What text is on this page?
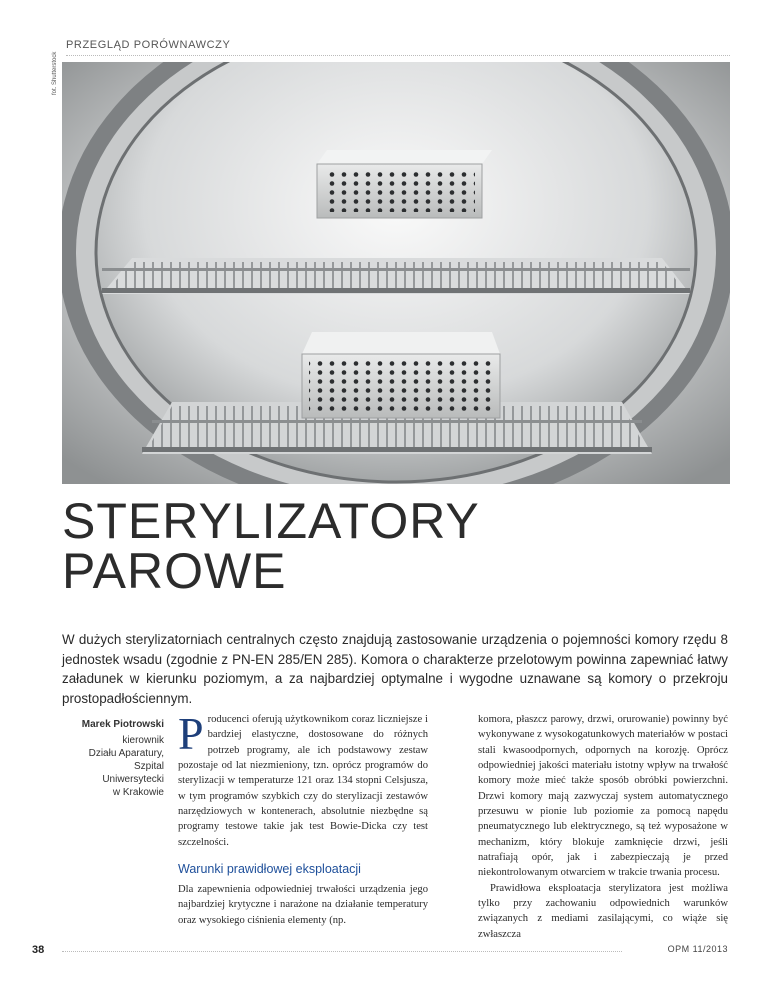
PRZEGLĄD PORÓWNAWCZY
fot. Shutterstock
STERYLIZATORY
PAROWE

W dużych sterylizatorniach centralnych często znajdują zastosowanie urządzenia o pojemności komory rzędu 8 jednostek wsadu (zgodnie z PN-EN 285/EN 285). Komora o charakterze przelotowym powinna zapewniać łatwy załadunek w kierunku poziomym, a za najbardziej optymalne i wygodne uznawane są komory o przekroju prostopadłościennym.

Marek Piotrowski
kierownik
Działu Aparatury,
Szpital
Uniwersytecki
w Krakowie

Producenci oferują użytkownikom coraz liczniejsze i bardziej elastyczne, dostosowane do różnych potrzeb programy, ale ich podstawowy zestaw pozostaje od lat niezmieniony, tzn. oprócz programów do sterylizacji w temperaturze 121 oraz 134 stopni Celsjusza, w tym programów szybkich czy do sterylizacji zestawów narzędziowych w kontenerach, absolutnie niezbędne są programy testowe takie jak test Bowie-Dicka czy test szczelności.

Warunki prawidłowej eksploatacji

Dla zapewnienia odpowiedniej trwałości urządzenia jego najbardziej krytyczne i narażone na działanie temperatury oraz wysokiego ciśnienia elementy (np.

komora, płaszcz parowy, drzwi, orurowanie) powinny być wykonywane z wysokogatunkowych materiałów w postaci stali kwasoodpornych, odpornych na korozję. Oprócz odpowiedniej jakości materiału istotny wpływ na trwałość komory może mieć także sposób obróbki powierzchni. Drzwi komory mają zazwyczaj system automatycznego przesuwu w pionie lub poziomie za pomocą napędu pneumatycznego lub elektrycznego, są też wyposażone w mechanizm, który blokuje zamknięcie drzwi, jeśli natrafiają opór, jak i zabezpieczają je przed niekontrolowanym otwarciem w trakcie trwania procesu.

Prawidłowa eksploatacja sterylizatora jest możliwa tylko przy zachowaniu odpowiednich warunków związanych z mediami zasilającymi, co wiąże się zwłaszcza

38	OPM 11/2013
